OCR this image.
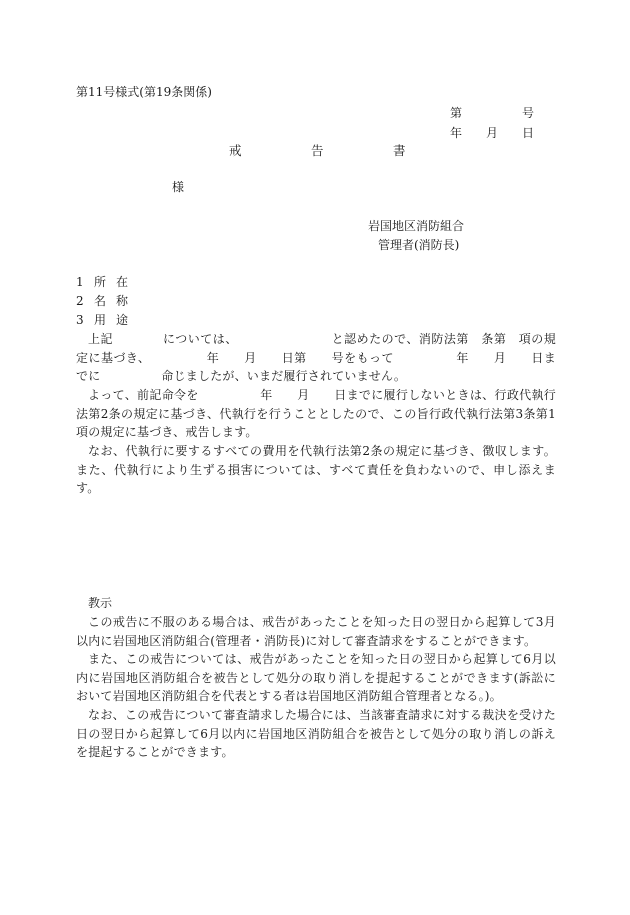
第11号様式(第19条関係)
第	号
年 月 日
戒	告	書
様
岩国地区消防組合
管理者(消防長)
1 所在
2 名称
3 用途
上記　　　　については、　　　　　　　　と認めたので、消防法第　条第　項の規定に基づき、　　　　　年　　月　　日第　　号をもって　　　　　年　　月　　日までに　　　　　命じましたが、いまだ履行されていません。
よって、前記命令を　　　　　年　　月　　日までに履行しないときは、行政代執行法第2条の規定に基づき、代執行を行うこととしたので、この旨行政代執行法第3条第1項の規定に基づき、戒告します。
なお、代執行に要するすべての費用を代執行法第2条の規定に基づき、徴収します。また、代執行により生ずる損害については、すべて責任を負わないので、申し添えます。
教示
この戒告に不服のある場合は、戒告があったことを知った日の翌日から起算して3月以内に岩国地区消防組合(管理者・消防長)に対して審査請求をすることができます。
また、この戒告については、戒告があったことを知った日の翌日から起算して6月以内に岩国地区消防組合を被告として処分の取り消しを提起することができます(訴訟において岩国地区消防組合を代表とする者は岩国地区消防組合管理者となる。)。
なお、この戒告について審査請求した場合には、当該審査請求に対する裁決を受けた日の翌日から起算して6月以内に岩国地区消防組合を被告として処分の取り消しの訴えを提起することができます。
